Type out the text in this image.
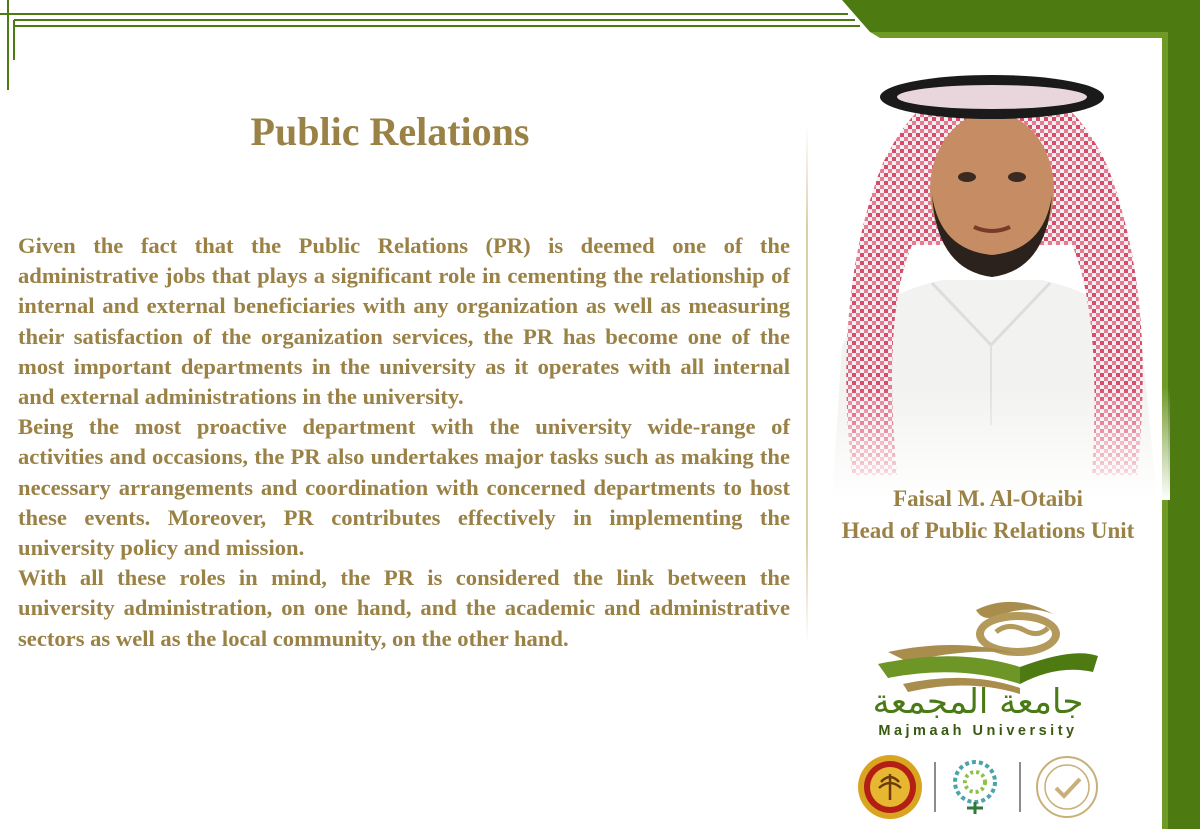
Public Relations

Given the fact that the Public Relations (PR) is deemed one of the administrative jobs that plays a significant role in cementing the relationship of internal and external beneficiaries with any organization as well as measuring their satisfaction of the organization services, the PR has become one of the most important departments in the university as it operates with all internal and external administrations in the university.

Being the most proactive department with the university wide-range of activities and occasions, the PR also undertakes major tasks such as making the necessary arrangements and coordination with concerned departments to host these events. Moreover, PR contributes effectively in implementing the university policy and mission.

With all these roles in mind, the PR is considered the link between the university administration, on one hand, and the academic and administrative sectors as well as the local community, on the other hand.

Faisal M. Al-Otaibi
Head of Public Relations Unit
جامعة المجمعة
Majmaah University
